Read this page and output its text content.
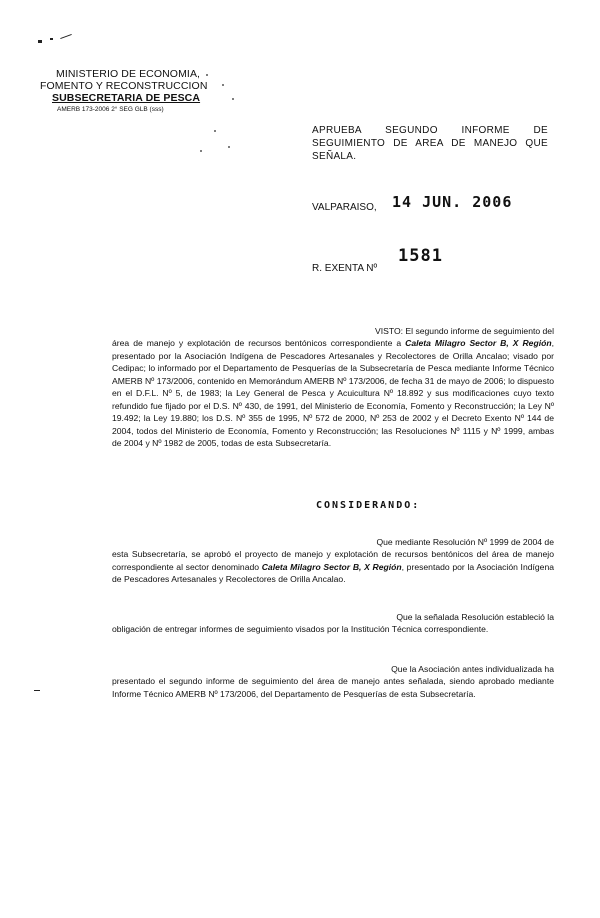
MINISTERIO DE ECONOMIA,
FOMENTO Y RECONSTRUCCION
SUBSECRETARIA DE PESCA
AMERB 173-2006 2° SEG GLB (sss)
APRUEBA SEGUNDO INFORME DE SEGUIMIENTO DE AREA DE MANEJO QUE SEÑALA.
VALPARAISO, 14 JUN. 2006
R. EXENTA Nº
1581
VISTO: El segundo informe de seguimiento del
área de manejo y explotación de recursos bentónicos correspondiente a Caleta Milagro Sector B, X Región, presentado por la Asociación Indígena de Pescadores Artesanales y Recolectores de Orilla Ancalao; visado por Cedipac; lo informado por el Departamento de Pesquerías de la Subsecretaría de Pesca mediante Informe Técnico AMERB Nº 173/2006, contenido en Memorándum AMERB Nº 173/2006, de fecha 31 de mayo de 2006; lo dispuesto en el D.F.L. Nº 5, de 1983; la Ley General de Pesca y Acuicultura Nº 18.892 y sus modificaciones cuyo texto refundido fue fijado por el D.S. Nº 430, de 1991, del Ministerio de Economía, Fomento y Reconstrucción; la Ley Nº 19.492; la Ley 19.880; los D.S. Nº 355 de 1995, Nº 572 de 2000, Nº 253 de 2002 y el Decreto Exento Nº 144 de 2004, todos del Ministerio de Economía, Fomento y Reconstrucción; las Resoluciones Nº 1115 y Nº 1999, ambas de 2004 y Nº 1982 de 2005, todas de esta Subsecretaría.
CONSIDERANDO:
Que mediante Resolución Nº 1999 de 2004 de
esta Subsecretaría, se aprobó el proyecto de manejo y explotación de recursos bentónicos del área de manejo correspondiente al sector denominado Caleta Milagro Sector B, X Región, presentado por la Asociación Indígena de Pescadores Artesanales y Recolectores de Orilla Ancalao.
Que la señalada Resolución estableció la
obligación de entregar informes de seguimiento visados por la Institución Técnica correspondiente.
Que la Asociación antes individualizada ha
presentado el segundo informe de seguimiento del área de manejo antes señalada, siendo aprobado mediante Informe Técnico AMERB Nº 173/2006, del Departamento de Pesquerías de esta Subsecretaría.
